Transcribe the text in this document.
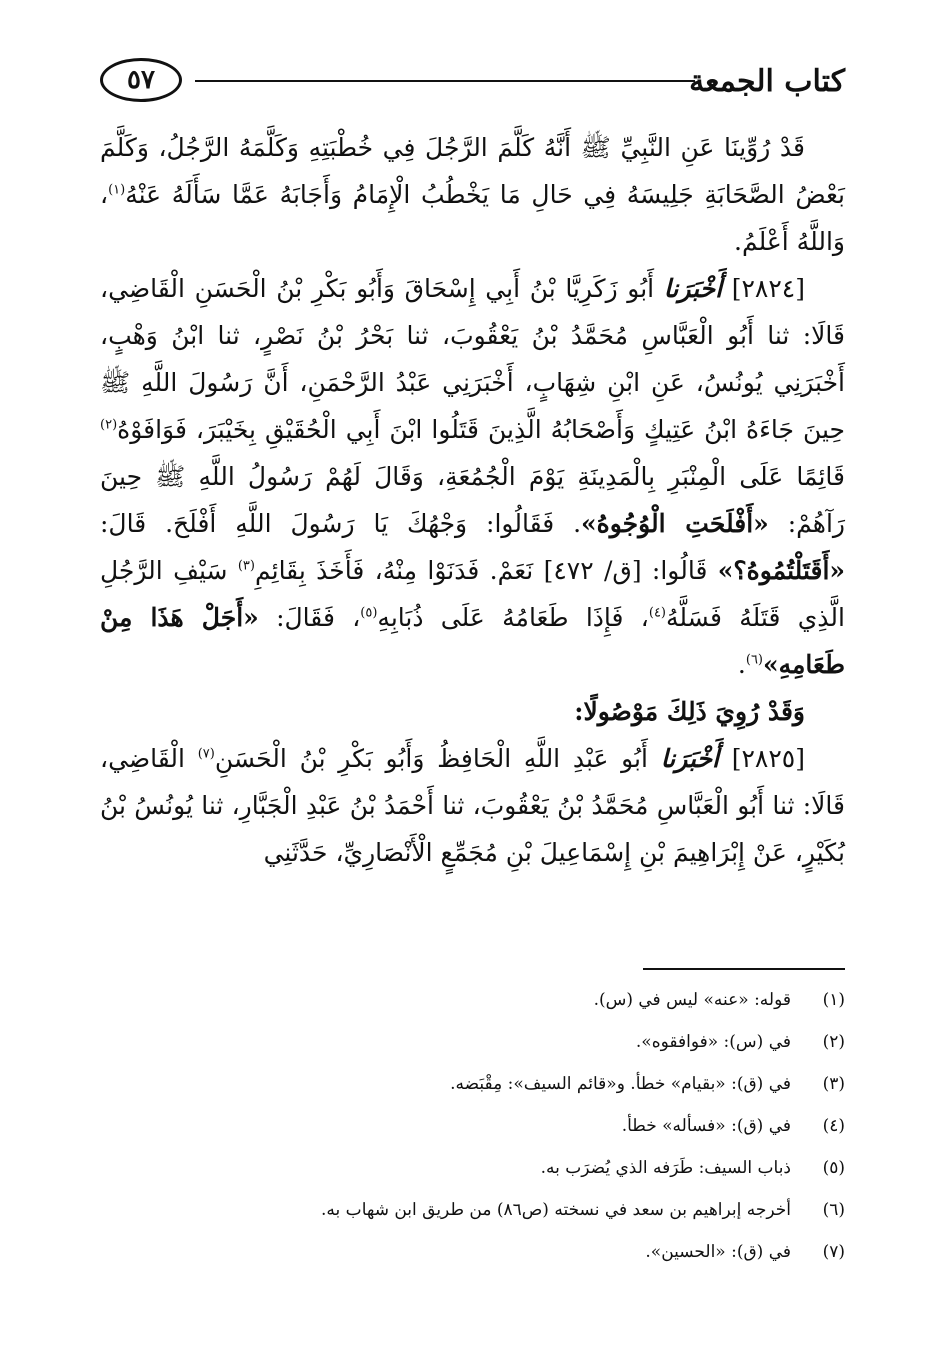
كتاب الجمعة
٥٧

قَدْ رُوِّينَا عَنِ النَّبِيِّ ﷺ أَنَّهُ كَلَّمَ الرَّجُلَ فِي خُطْبَتِهِ وَكَلَّمَهُ الرَّجُلُ، وَكَلَّمَ بَعْضُ الصَّحَابَةِ جَلِيسَهُ فِي حَالِ مَا يَخْطُبُ الْإِمَامُ وَأَجَابَهُ عَمَّا سَأَلَهُ عَنْهُ$^{(١)}$، وَاللَّهُ أَعْلَمُ.

[٢٨٢٤] أَخْبَرَنا أَبُو زَكَرِيَّا بْنُ أَبِي إِسْحَاقَ وَأَبُو بَكْرِ بْنُ الْحَسَنِ الْقَاضِي، قَالَا: ثنا أَبُو الْعَبَّاسِ مُحَمَّدُ بْنُ يَعْقُوبَ، ثنا بَحْرُ بْنُ نَصْرٍ، ثنا ابْنُ وَهْبٍ، أَخْبَرَنِي يُونُسُ، عَنِ ابْنِ شِهَابٍ، أَخْبَرَنِي عَبْدُ الرَّحْمَنِ، أَنَّ رَسُولَ اللَّهِ ﷺ حِينَ جَاءَهُ ابْنُ عَتِيكٍ وَأَصْحَابُهُ الَّذِينَ قَتَلُوا ابْنَ أَبِي الْحُقَيْقِ بِخَيْبَرَ، فَوَافَوْهُ$^{(٢)}$ قَائِمًا عَلَى الْمِنْبَرِ بِالْمَدِينَةِ يَوْمَ الْجُمُعَةِ، وَقَالَ لَهُمْ رَسُولُ اللَّهِ ﷺ حِينَ رَآهُمْ: «أَفْلَحَتِ الْوُجُوهُ». فَقَالُوا: وَجْهُكَ يَا رَسُولَ اللَّهِ أَفْلَحَ. قَالَ: «أَقَتَلْتُمُوهُ؟» قَالُوا: [ق/ ٤٧٢] نَعَمْ. فَدَنَوْا مِنْهُ، فَأَخَذَ بِقَائِمِ$^{(٣)}$ سَيْفِ الرَّجُلِ الَّذِي قَتَلَهُ فَسَلَّهُ$^{(٤)}$، فَإِذَا طَعَامُهُ عَلَى ذُبَابِهِ$^{(٥)}$، فَقَالَ: «أَجَلْ هَذَا مِنْ طَعَامِهِ»$^{(٦)}$.

وَقَدْ رُوِيَ ذَلِكَ مَوْصُولًا:

[٢٨٢٥] أَخْبَرَنا أَبُو عَبْدِ اللَّهِ الْحَافِظُ وَأَبُو بَكْرِ بْنُ الْحَسَنِ$^{(٧)}$ الْقَاضِي، قَالَا: ثنا أَبُو الْعَبَّاسِ مُحَمَّدُ بْنُ يَعْقُوبَ، ثنا أَحْمَدُ بْنُ عَبْدِ الْجَبَّارِ، ثنا يُونُسُ بْنُ بُكَيْرٍ، عَنْ إِبْرَاهِيمَ بْنِ إِسْمَاعِيلَ بْنِ مُجَمِّعٍ الْأَنْصَارِيِّ، حَدَّثَنِي

(١)
قوله: «عنه» ليس في (س).
(٢)
في (س): «فوافقوه».
(٣)
في (ق): «بقيام» خطأ. و«قائم السيف»: مِقْبَضه.
(٤)
في (ق): «فسأله» خطأ.
(٥)
ذباب السيف: طَرَفه الذي يُضرَب به.
(٦)
أخرجه إبراهيم بن سعد في نسخته (ص٨٦) من طريق ابن شهاب به.
(٧)
في (ق): «الحسين».
